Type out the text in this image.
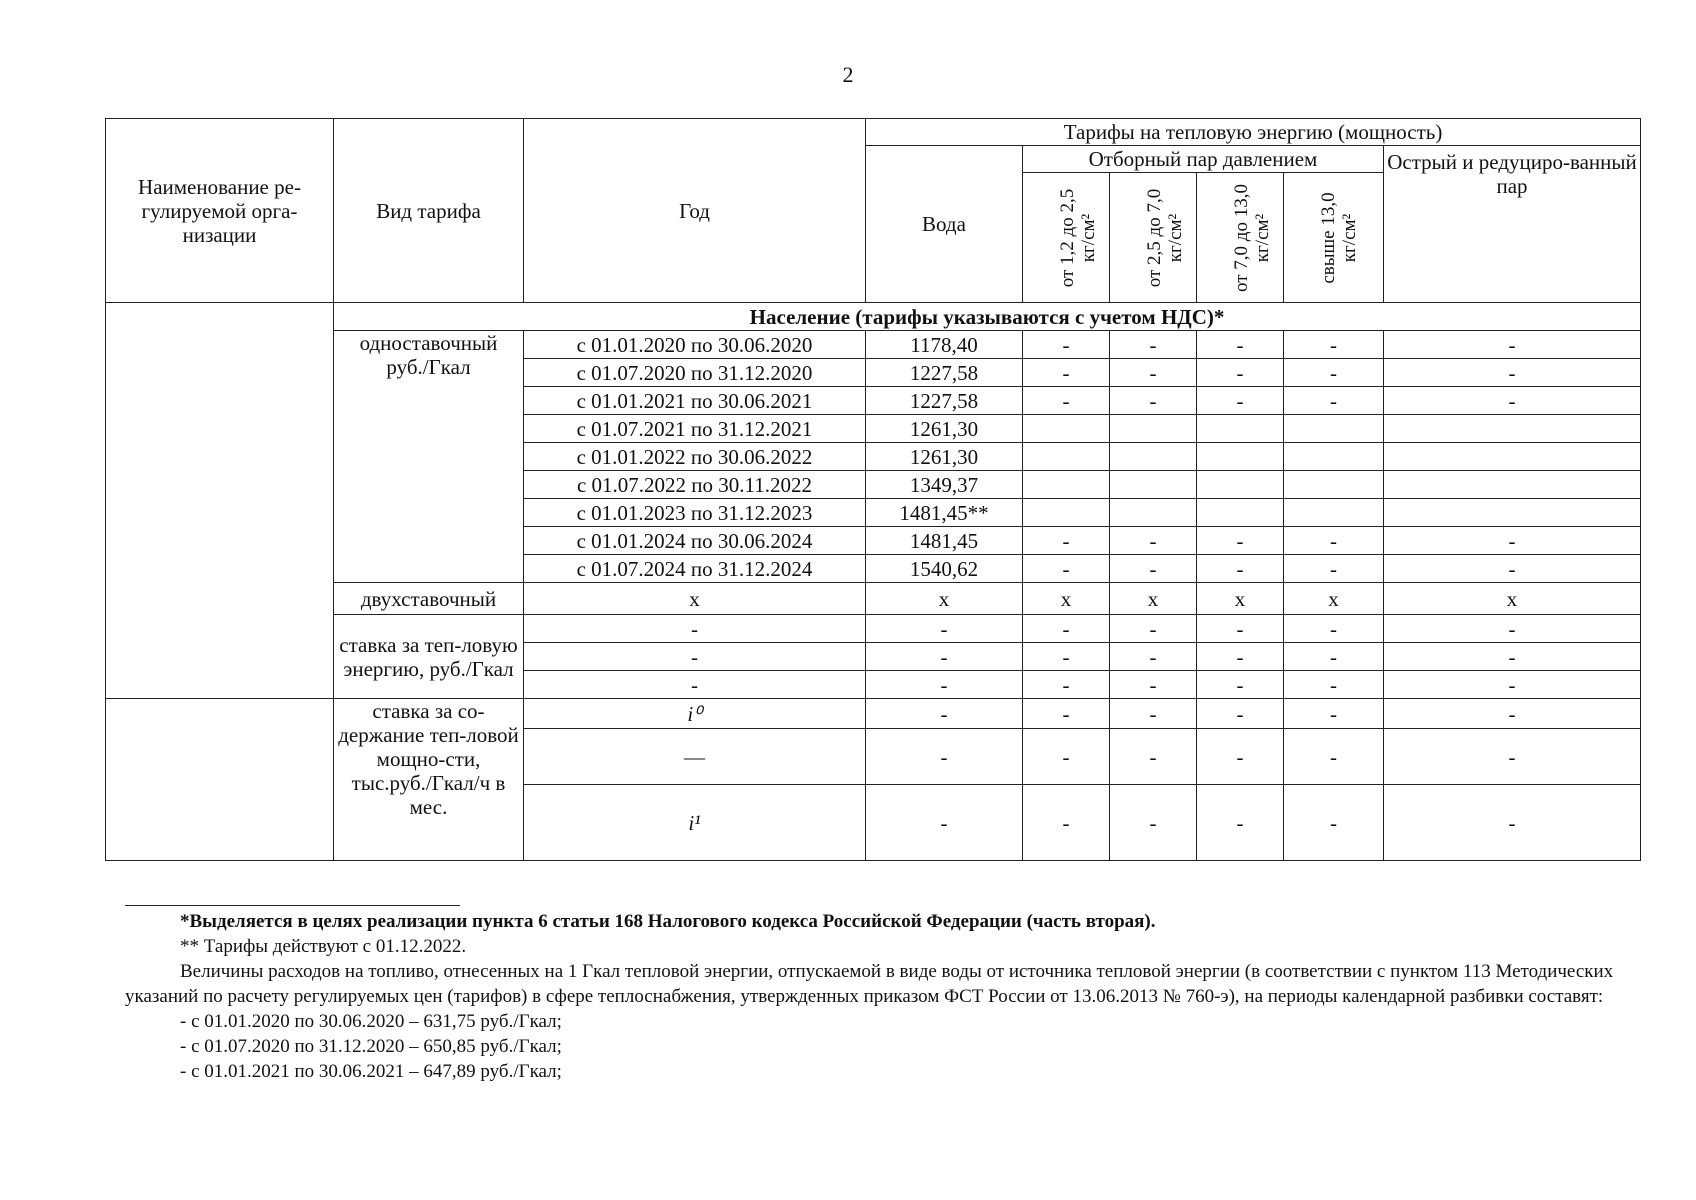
2
Наименование ре-гулируемой орга-низации	Вид тарифа	Год	Тарифы на тепловую энергию (мощность)					
			Вода	Отборный пар давлением				Острый и редуциро-ванный пар
				от 1,2 до 2,5 кг/см²	от 2,5 до 7,0 кг/см²	от 7,0 до 13,0 кг/см²	свыше 13,0 кг/см²	
	Население (тарифы указываются с учетом НДС)*							
	одноставочный руб./Гкал	с 01.01.2020 по 30.06.2020	1178,40	-	-	-	-	-
		с 01.07.2020 по 31.12.2020	1227,58	-	-	-	-	-
		с 01.01.2021 по 30.06.2021	1227,58	-	-	-	-	-
		с 01.07.2021 по 31.12.2021	1261,30					
		с 01.01.2022 по 30.06.2022	1261,30					
		с 01.07.2022 по 30.11.2022	1349,37					
		с 01.01.2023 по 31.12.2023	1481,45**					
		с 01.01.2024 по 30.06.2024	1481,45	-	-	-	-	-
		с 01.07.2024 по 31.12.2024	1540,62	-	-	-	-	-
	двухставочный	x	x	x	x	x	x	x
	ставка за теп-ловую энергию, руб./Гкал	-	-	-	-	-	-	-
		-	-	-	-	-	-	-
		-	-	-	-	-	-	-
	ставка за со-держание теп-ловой мощно-сти, тыс.руб./Гкал/ч в мес.	i⁰	-	-	-	-	-	-
		—	-	-	-	-	-	-
		i¹	-	-	-	-	-	-

*Выделяется в целях реализации пункта 6 статьи 168 Налогового кодекса Российской Федерации (часть вторая).

** Тарифы действуют с 01.12.2022.

Величины расходов на топливо, отнесенных на 1 Гкал тепловой энергии, отпускаемой в виде воды от источника тепловой энергии (в соответствии с пунктом 113 Методических указаний по расчету регулируемых цен (тарифов) в сфере теплоснабжения, утвержденных приказом ФСТ России от 13.06.2013 № 760-э), на периоды календарной разбивки составят:

- с 01.01.2020 по 30.06.2020 – 631,75 руб./Гкал;

- с 01.07.2020 по 31.12.2020 – 650,85 руб./Гкал;

- с 01.01.2021 по 30.06.2021 – 647,89 руб./Гкал;
